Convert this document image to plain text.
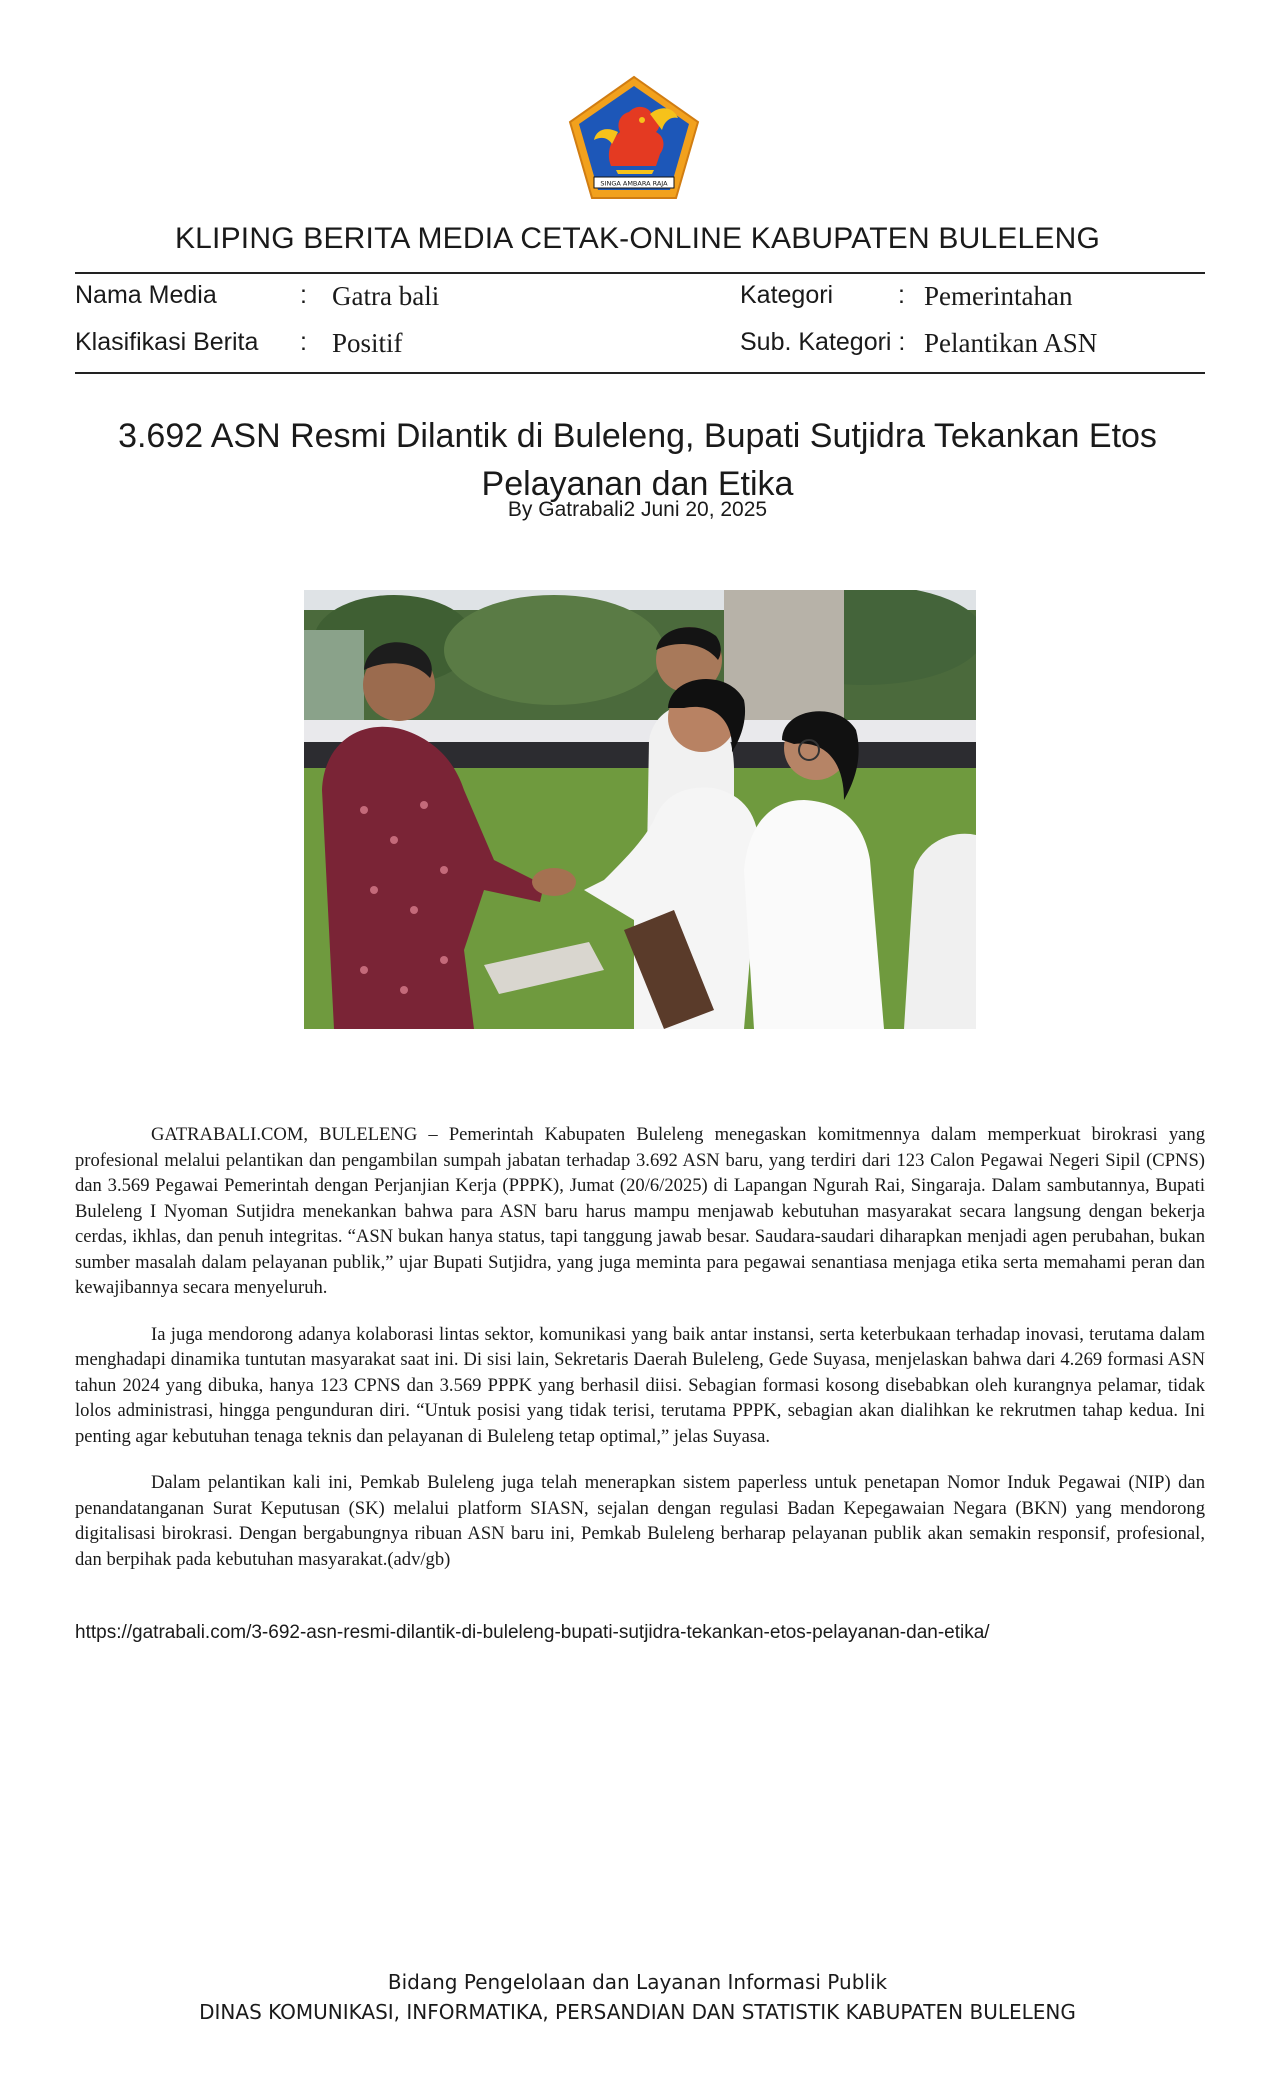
SINGA AMBARA RAJA
KLIPING BERITA MEDIA CETAK-ONLINE KABUPATEN BULELENG
Nama Media	: Gatra bali	Kategori	: Pemerintahan
Klasifikasi Berita : Positif	Sub. Kategori : Pelantikan ASN
3.692 ASN Resmi Dilantik di Buleleng, Bupati Sutjidra Tekankan Etos Pelayanan dan Etika
By Gatrabali2 Juni 20, 2025

GATRABALI.COM, BULELENG – Pemerintah Kabupaten Buleleng menegaskan komitmennya dalam memperkuat birokrasi yang profesional melalui pelantikan dan pengambilan sumpah jabatan terhadap 3.692 ASN baru, yang terdiri dari 123 Calon Pegawai Negeri Sipil (CPNS) dan 3.569 Pegawai Pemerintah dengan Perjanjian Kerja (PPPK), Jumat (20/6/2025) di Lapangan Ngurah Rai, Singaraja. Dalam sambutannya, Bupati Buleleng I Nyoman Sutjidra menekankan bahwa para ASN baru harus mampu menjawab kebutuhan masyarakat secara langsung dengan bekerja cerdas, ikhlas, dan penuh integritas. “ASN bukan hanya status, tapi tanggung jawab besar. Saudara-saudari diharapkan menjadi agen perubahan, bukan sumber masalah dalam pelayanan publik,” ujar Bupati Sutjidra, yang juga meminta para pegawai senantiasa menjaga etika serta memahami peran dan kewajibannya secara menyeluruh.

Ia juga mendorong adanya kolaborasi lintas sektor, komunikasi yang baik antar instansi, serta keterbukaan terhadap inovasi, terutama dalam menghadapi dinamika tuntutan masyarakat saat ini. Di sisi lain, Sekretaris Daerah Buleleng, Gede Suyasa, menjelaskan bahwa dari 4.269 formasi ASN tahun 2024 yang dibuka, hanya 123 CPNS dan 3.569 PPPK yang berhasil diisi. Sebagian formasi kosong disebabkan oleh kurangnya pelamar, tidak lolos administrasi, hingga pengunduran diri. “Untuk posisi yang tidak terisi, terutama PPPK, sebagian akan dialihkan ke rekrutmen tahap kedua. Ini penting agar kebutuhan tenaga teknis dan pelayanan di Buleleng tetap optimal,” jelas Suyasa.

Dalam pelantikan kali ini, Pemkab Buleleng juga telah menerapkan sistem paperless untuk penetapan Nomor Induk Pegawai (NIP) dan penandatanganan Surat Keputusan (SK) melalui platform SIASN, sejalan dengan regulasi Badan Kepegawaian Negara (BKN) yang mendorong digitalisasi birokrasi. Dengan bergabungnya ribuan ASN baru ini, Pemkab Buleleng berharap pelayanan publik akan semakin responsif, profesional, dan berpihak pada kebutuhan masyarakat.(adv/gb)

https://gatrabali.com/3-692-asn-resmi-dilantik-di-buleleng-bupati-sutjidra-tekankan-etos-pelayanan-dan-etika/
Bidang Pengelolaan dan Layanan Informasi Publik
DINAS KOMUNIKASI, INFORMATIKA, PERSANDIAN DAN STATISTIK KABUPATEN BULELENG
